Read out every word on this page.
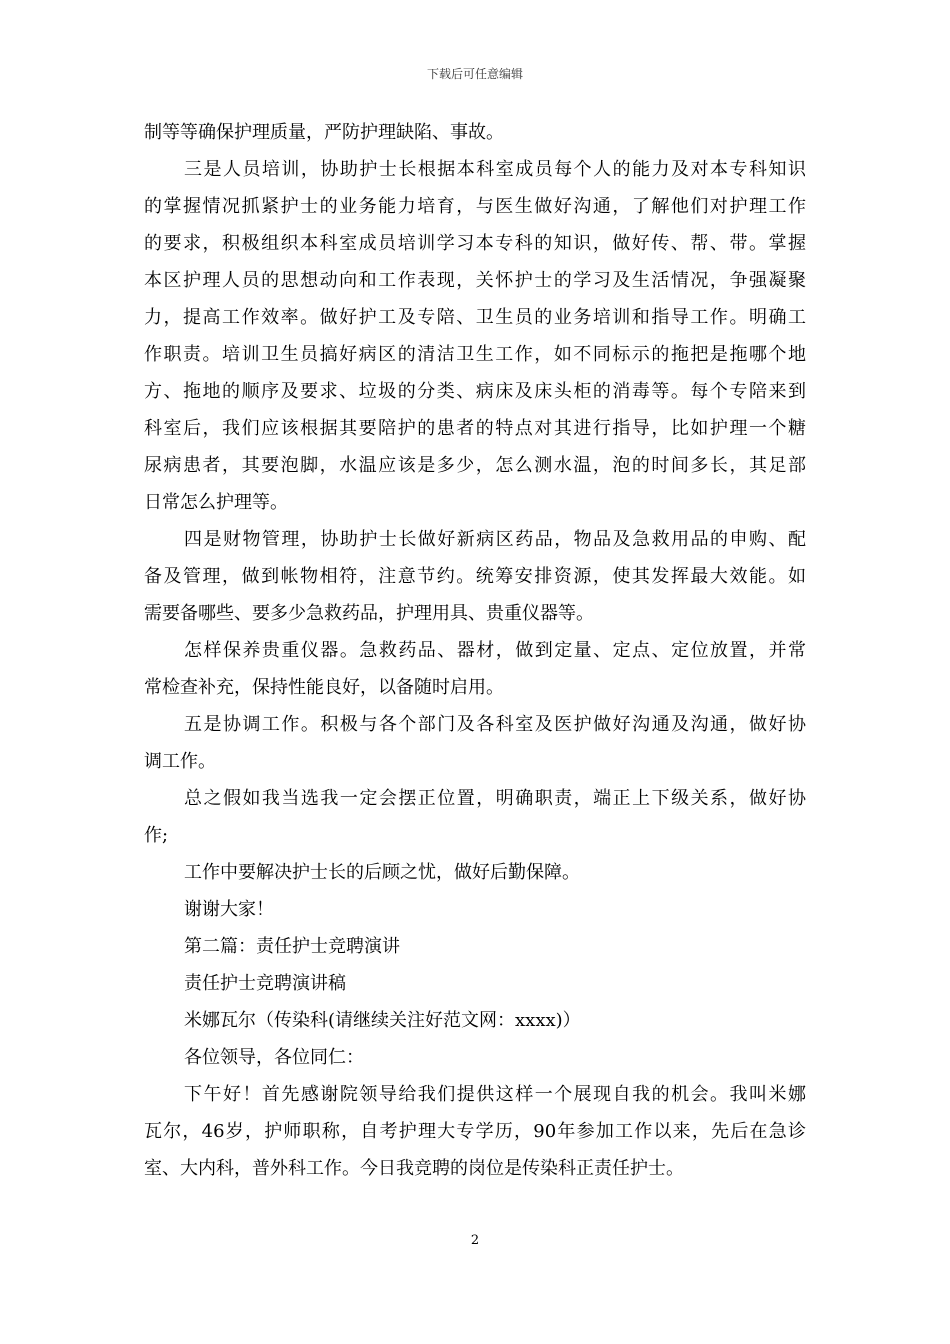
下载后可任意编辑
制等等确保护理质量，严防护理缺陷、事故。
三是人员培训，协助护士长根据本科室成员每个人的能力及对本专科知识
的掌握情况抓紧护士的业务能力培育，与医生做好沟通，了解他们对护理工作
的要求，积极组织本科室成员培训学习本专科的知识，做好传、帮、带。掌握
本区护理人员的思想动向和工作表现，关怀护士的学习及生活情况，争强凝聚
力，提高工作效率。做好护工及专陪、卫生员的业务培训和指导工作。明确工
作职责。培训卫生员搞好病区的清洁卫生工作，如不同标示的拖把是拖哪个地
方、拖地的顺序及要求、垃圾的分类、病床及床头柜的消毒等。每个专陪来到
科室后，我们应该根据其要陪护的患者的特点对其进行指导，比如护理一个糖
尿病患者，其要泡脚，水温应该是多少，怎么测水温，泡的时间多长，其足部
日常怎么护理等。
四是财物管理，协助护士长做好新病区药品，物品及急救用品的申购、配
备及管理，做到帐物相符，注意节约。统筹安排资源，使其发挥最大效能。如
需要备哪些、要多少急救药品，护理用具、贵重仪器等。
怎样保养贵重仪器。急救药品、器材，做到定量、定点、定位放置，并常
常检查补充，保持性能良好，以备随时启用。
五是协调工作。积极与各个部门及各科室及医护做好沟通及沟通，做好协
调工作。
总之假如我当选我一定会摆正位置，明确职责，端正上下级关系，做好协
作;
工作中要解决护士长的后顾之忧，做好后勤保障。
谢谢大家！
第二篇：责任护士竞聘演讲
责任护士竞聘演讲稿
米娜瓦尔（传染科(请继续关注好范文网：xxxx)）
各位领导，各位同仁：
下午好！首先感谢院领导给我们提供这样一个展现自我的机会。我叫米娜
瓦尔，46岁，护师职称，自考护理大专学历，90年参加工作以来，先后在急诊
室、大内科，普外科工作。今日我竞聘的岗位是传染科正责任护士。
2
